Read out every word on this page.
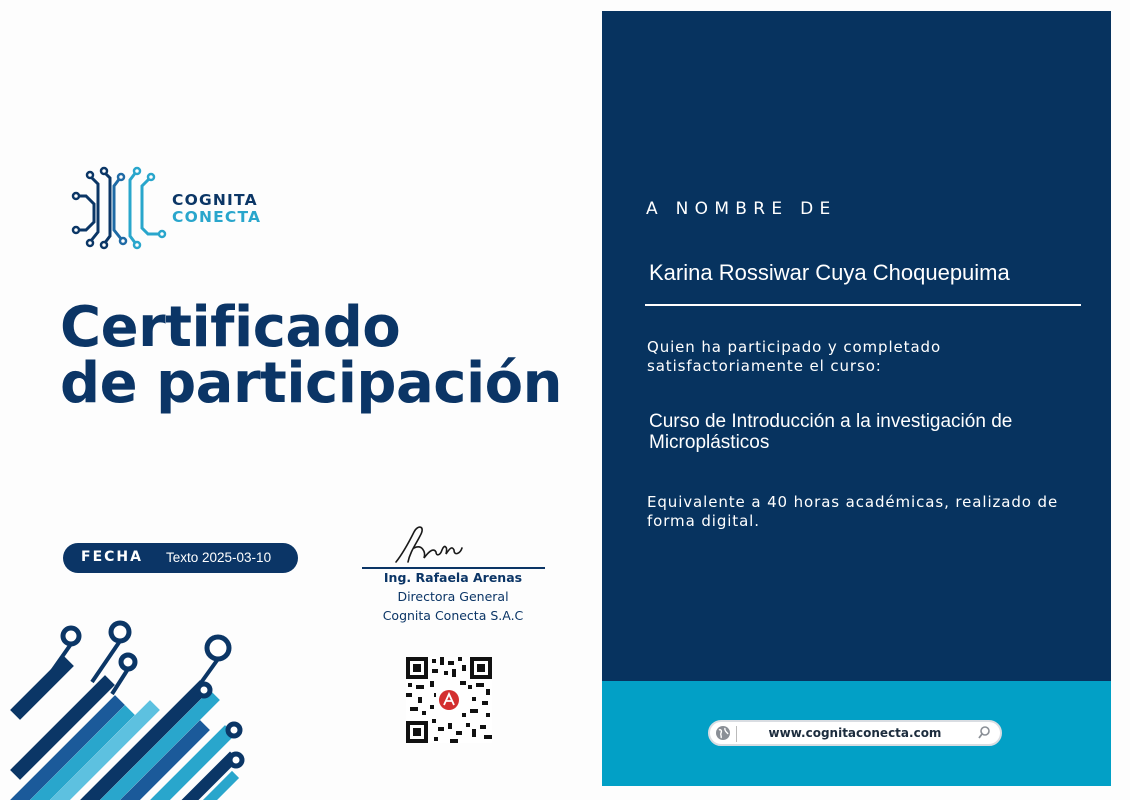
COGNITA
CONECTA
Certificado
de participación
FECHA Texto 2025-03-10
Ing. Rafaela Arenas
Directora General
Cognita Conecta S.A.C
A NOMBRE DE
Karina Rossiwar Cuya Choquepuima
Quien ha participado y completado satisfactoriamente el curso:
Curso de Introducción a la investigación de Microplásticos
Equivalente a 40 horas académicas, realizado de forma digital.
www.cognitaconecta.com
